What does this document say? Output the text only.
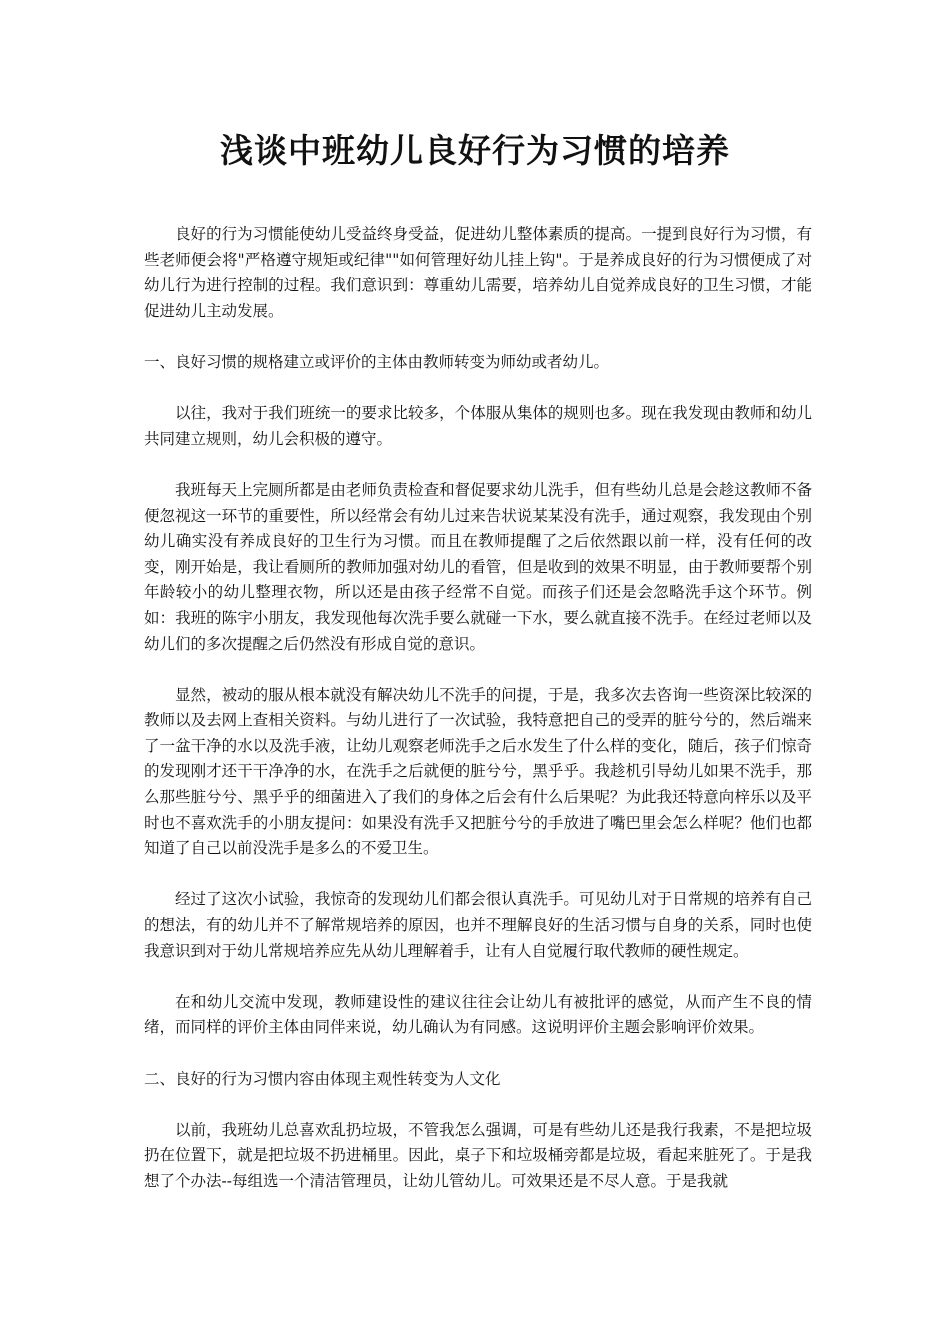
浅谈中班幼儿良好行为习惯的培养

良好的行为习惯能使幼儿受益终身受益，促进幼儿整体素质的提高。一提到良好行为习惯，有些老师便会将"严格遵守规矩或纪律""如何管理好幼儿挂上钩"。于是养成良好的行为习惯便成了对幼儿行为进行控制的过程。我们意识到：尊重幼儿需要，培养幼儿自觉养成良好的卫生习惯，才能促进幼儿主动发展。

一、良好习惯的规格建立或评价的主体由教师转变为师幼或者幼儿。

以往，我对于我们班统一的要求比较多，个体服从集体的规则也多。现在我发现由教师和幼儿共同建立规则，幼儿会积极的遵守。

我班每天上完厕所都是由老师负责检查和督促要求幼儿洗手，但有些幼儿总是会趁这教师不备便忽视这一环节的重要性，所以经常会有幼儿过来告状说某某没有洗手，通过观察，我发现由个别幼儿确实没有养成良好的卫生行为习惯。而且在教师提醒了之后依然跟以前一样，没有任何的改变，刚开始是，我让看厕所的教师加强对幼儿的看管，但是收到的效果不明显，由于教师要帮个别年龄较小的幼儿整理衣物，所以还是由孩子经常不自觉。而孩子们还是会忽略洗手这个环节。例如：我班的陈宇小朋友，我发现他每次洗手要么就碰一下水，要么就直接不洗手。在经过老师以及幼儿们的多次提醒之后仍然没有形成自觉的意识。

显然，被动的服从根本就没有解决幼儿不洗手的问提，于是，我多次去咨询一些资深比较深的教师以及去网上查相关资料。与幼儿进行了一次试验，我特意把自己的受弄的脏兮兮的，然后端来了一盆干净的水以及洗手液，让幼儿观察老师洗手之后水发生了什么样的变化，随后，孩子们惊奇的发现刚才还干干净净的水，在洗手之后就便的脏兮兮，黑乎乎。我趁机引导幼儿如果不洗手，那么那些脏兮兮、黑乎乎的细菌进入了我们的身体之后会有什么后果呢？为此我还特意向梓乐以及平时也不喜欢洗手的小朋友提问：如果没有洗手又把脏兮兮的手放进了嘴巴里会怎么样呢？他们也都知道了自己以前没洗手是多么的不爱卫生。

经过了这次小试验，我惊奇的发现幼儿们都会很认真洗手。可见幼儿对于日常规的培养有自己的想法，有的幼儿并不了解常规培养的原因，也并不理解良好的生活习惯与自身的关系，同时也使我意识到对于幼儿常规培养应先从幼儿理解着手，让有人自觉履行取代教师的硬性规定。

在和幼儿交流中发现，教师建设性的建议往往会让幼儿有被批评的感觉，从而产生不良的情绪，而同样的评价主体由同伴来说，幼儿确认为有同感。这说明评价主题会影响评价效果。

二、良好的行为习惯内容由体现主观性转变为人文化

以前，我班幼儿总喜欢乱扔垃圾，不管我怎么强调，可是有些幼儿还是我行我素，不是把垃圾扔在位置下，就是把垃圾不扔进桶里。因此，桌子下和垃圾桶旁都是垃圾，看起来脏死了。于是我想了个办法--每组选一个清洁管理员，让幼儿管幼儿。可效果还是不尽人意。于是我就
